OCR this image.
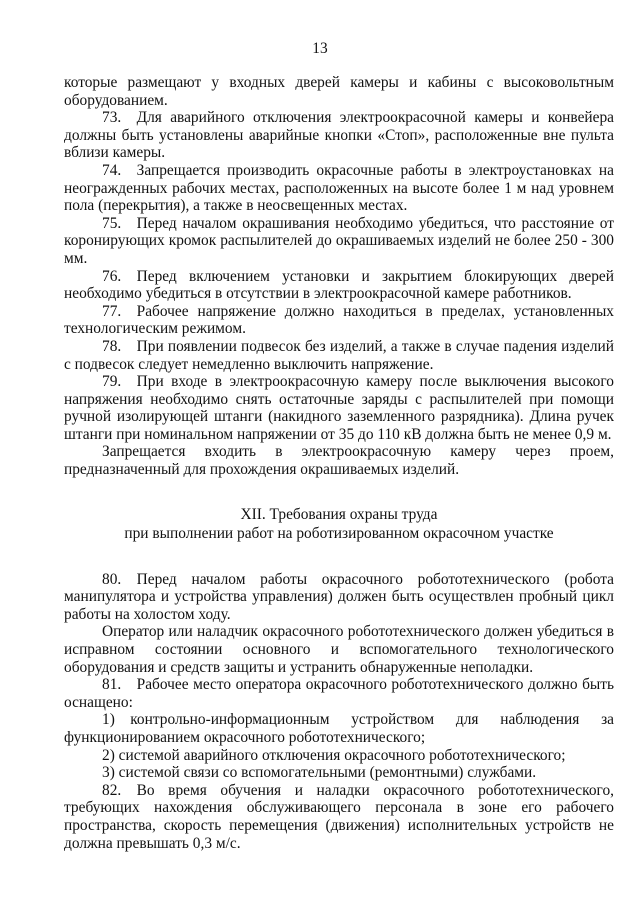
13

которые размещают у входных дверей камеры и кабины с высоковольтным оборудованием.

73. Для аварийного отключения электроокрасочной камеры и конвейера должны быть установлены аварийные кнопки «Стоп», расположенные вне пульта вблизи камеры.

74. Запрещается производить окрасочные работы в электроустановках на неогражденных рабочих местах, расположенных на высоте более 1 м над уровнем пола (перекрытия), а также в неосвещенных местах.

75. Перед началом окрашивания необходимо убедиться, что расстояние от коронирующих кромок распылителей до окрашиваемых изделий не более 250 - 300 мм.

76. Перед включением установки и закрытием блокирующих дверей необходимо убедиться в отсутствии в электроокрасочной камере работников.

77. Рабочее напряжение должно находиться в пределах, установленных технологическим режимом.

78. При появлении подвесок без изделий, а также в случае падения изделий с подвесок следует немедленно выключить напряжение.

79. При входе в электроокрасочную камеру после выключения высокого напряжения необходимо снять остаточные заряды с распылителей при помощи ручной изолирующей штанги (накидного заземленного разрядника). Длина ручек штанги при номинальном напряжении от 35 до 110 кВ должна быть не менее 0,9 м.

Запрещается входить в электроокрасочную камеру через проем, предназначенный для прохождения окрашиваемых изделий.

XII. Требования охраны труда
при выполнении работ на роботизированном окрасочном участке

80. Перед началом работы окрасочного робототехнического (робота манипулятора и устройства управления) должен быть осуществлен пробный цикл работы на холостом ходу.

Оператор или наладчик окрасочного робототехнического должен убедиться в исправном состоянии основного и вспомогательного технологического оборудования и средств защиты и устранить обнаруженные неполадки.

81. Рабочее место оператора окрасочного робототехнического должно быть оснащено:

1) контрольно-информационным устройством для наблюдения за функционированием окрасочного робототехнического;

2) системой аварийного отключения окрасочного робототехнического;

3) системой связи со вспомогательными (ремонтными) службами.

82. Во время обучения и наладки окрасочного робототехнического, требующих нахождения обслуживающего персонала в зоне его рабочего пространства, скорость перемещения (движения) исполнительных устройств не должна превышать 0,3 м/с.
